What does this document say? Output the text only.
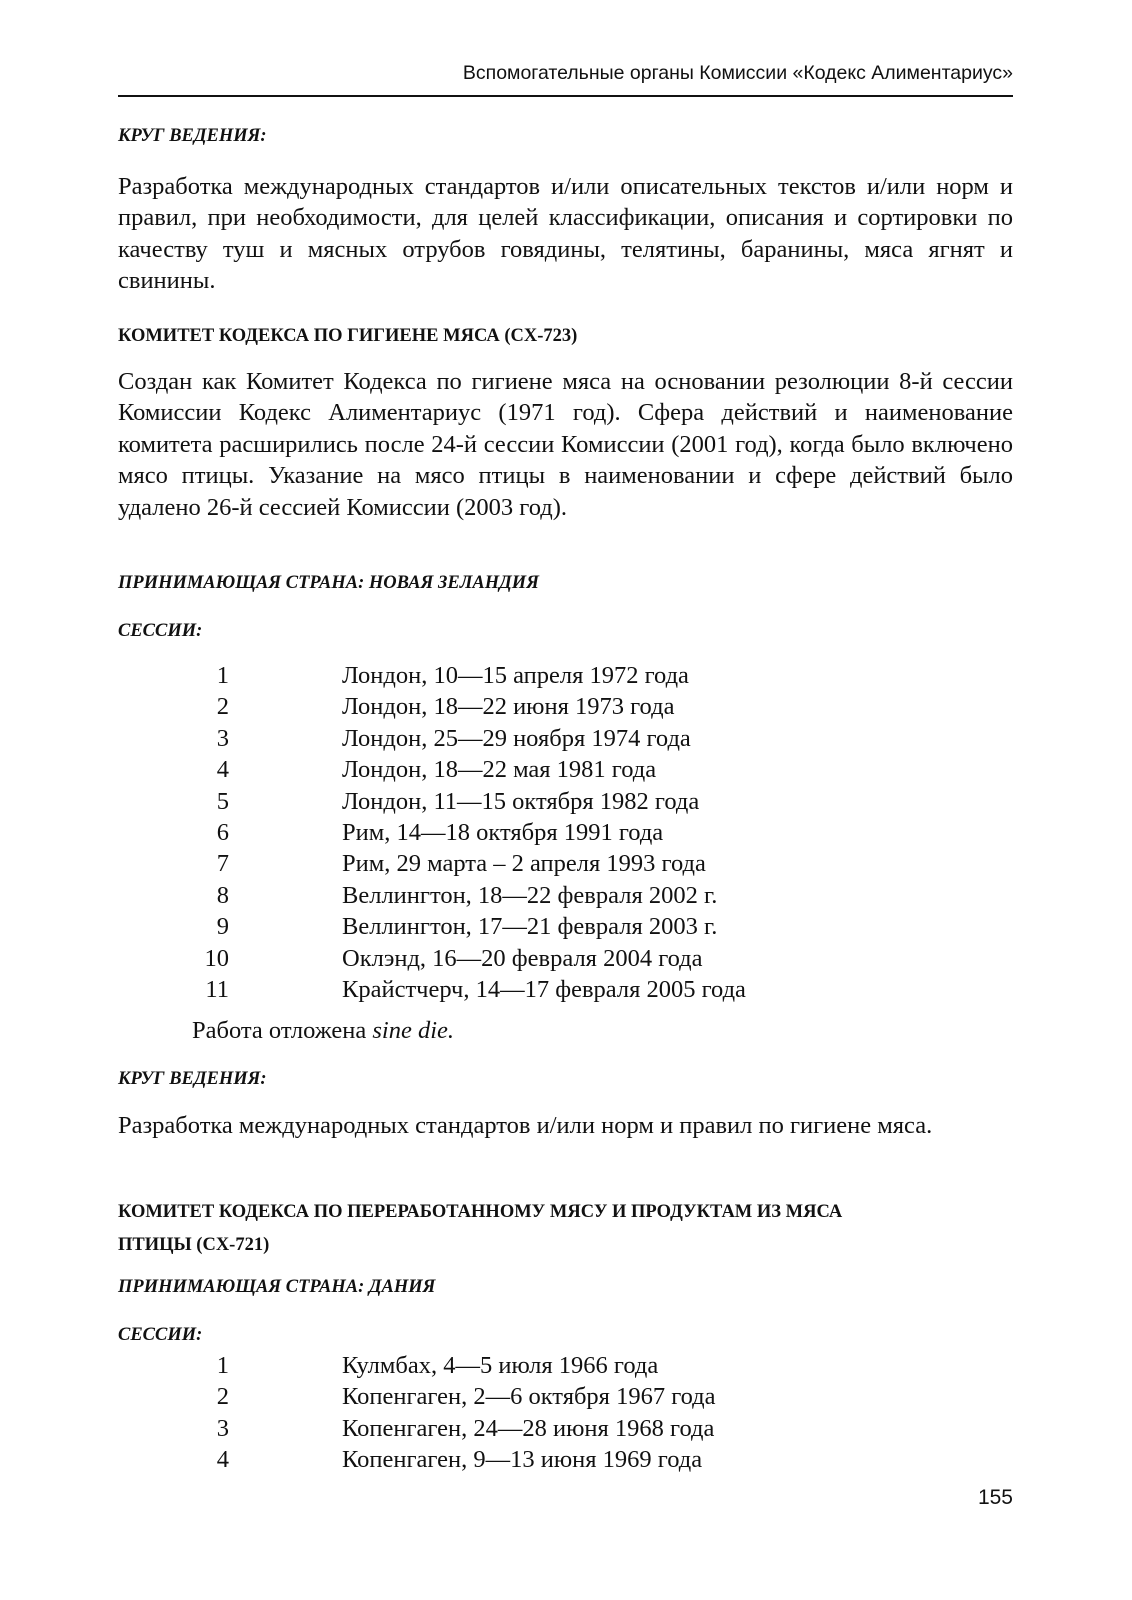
Вспомогательные органы Комиссии «Кодекс Алиментариус»
КРУГ ВЕДЕНИЯ:

Разработка международных стандартов и/или описательных текстов и/или норм и правил, при необходимости, для целей классификации, описания и сортировки по качеству туш и мясных отрубов говядины, телятины, баранины, мяса ягнят и свинины.

КОМИТЕТ КОДЕКСА ПО ГИГИЕНЕ МЯСА (CX-723)

Создан как Комитет Кодекса по гигиене мяса на основании резолюции 8-й сессии Комиссии Кодекс Алиментариус (1971 год). Сфера действий и наименование комитета расширились после 24-й сессии Комиссии (2001 год), когда было включено мясо птицы. Указание на мясо птицы в наименовании и сфере действий было удалено 26-й сессией Комиссии (2003 год).

ПРИНИМАЮЩАЯ СТРАНА: НОВАЯ ЗЕЛАНДИЯ
СЕССИИ:
1	Лондон, 10—15 апреля 1972 года
2	Лондон, 18—22 июня 1973 года
3	Лондон, 25—29 ноября 1974 года
4	Лондон, 18—22 мая 1981 года
5	Лондон, 11—15 октября 1982 года
6	Рим, 14—18 октября 1991 года
7	Рим, 29 марта – 2 апреля 1993 года
8	Веллингтон, 18—22 февраля 2002 г.
9	Веллингтон, 17—21 февраля 2003 г.
10	Оклэнд, 16—20 февраля 2004 года
11	Крайстчерч, 14—17 февраля 2005 года
Работа отложена sine die.
КРУГ ВЕДЕНИЯ:

Разработка международных стандартов и/или норм и правил по гигиене мяса.

КОМИТЕТ КОДЕКСА ПО ПЕРЕРАБОТАННОМУ МЯСУ И ПРОДУКТАМ ИЗ МЯСА
ПТИЦЫ (CX-721)
ПРИНИМАЮЩАЯ СТРАНА: ДАНИЯ
СЕССИИ:
1	Кулмбах, 4—5 июля 1966 года
2	Копенгаген, 2—6 октября 1967 года
3	Копенгаген, 24—28 июня 1968 года
4	Копенгаген, 9—13 июня 1969 года
155
